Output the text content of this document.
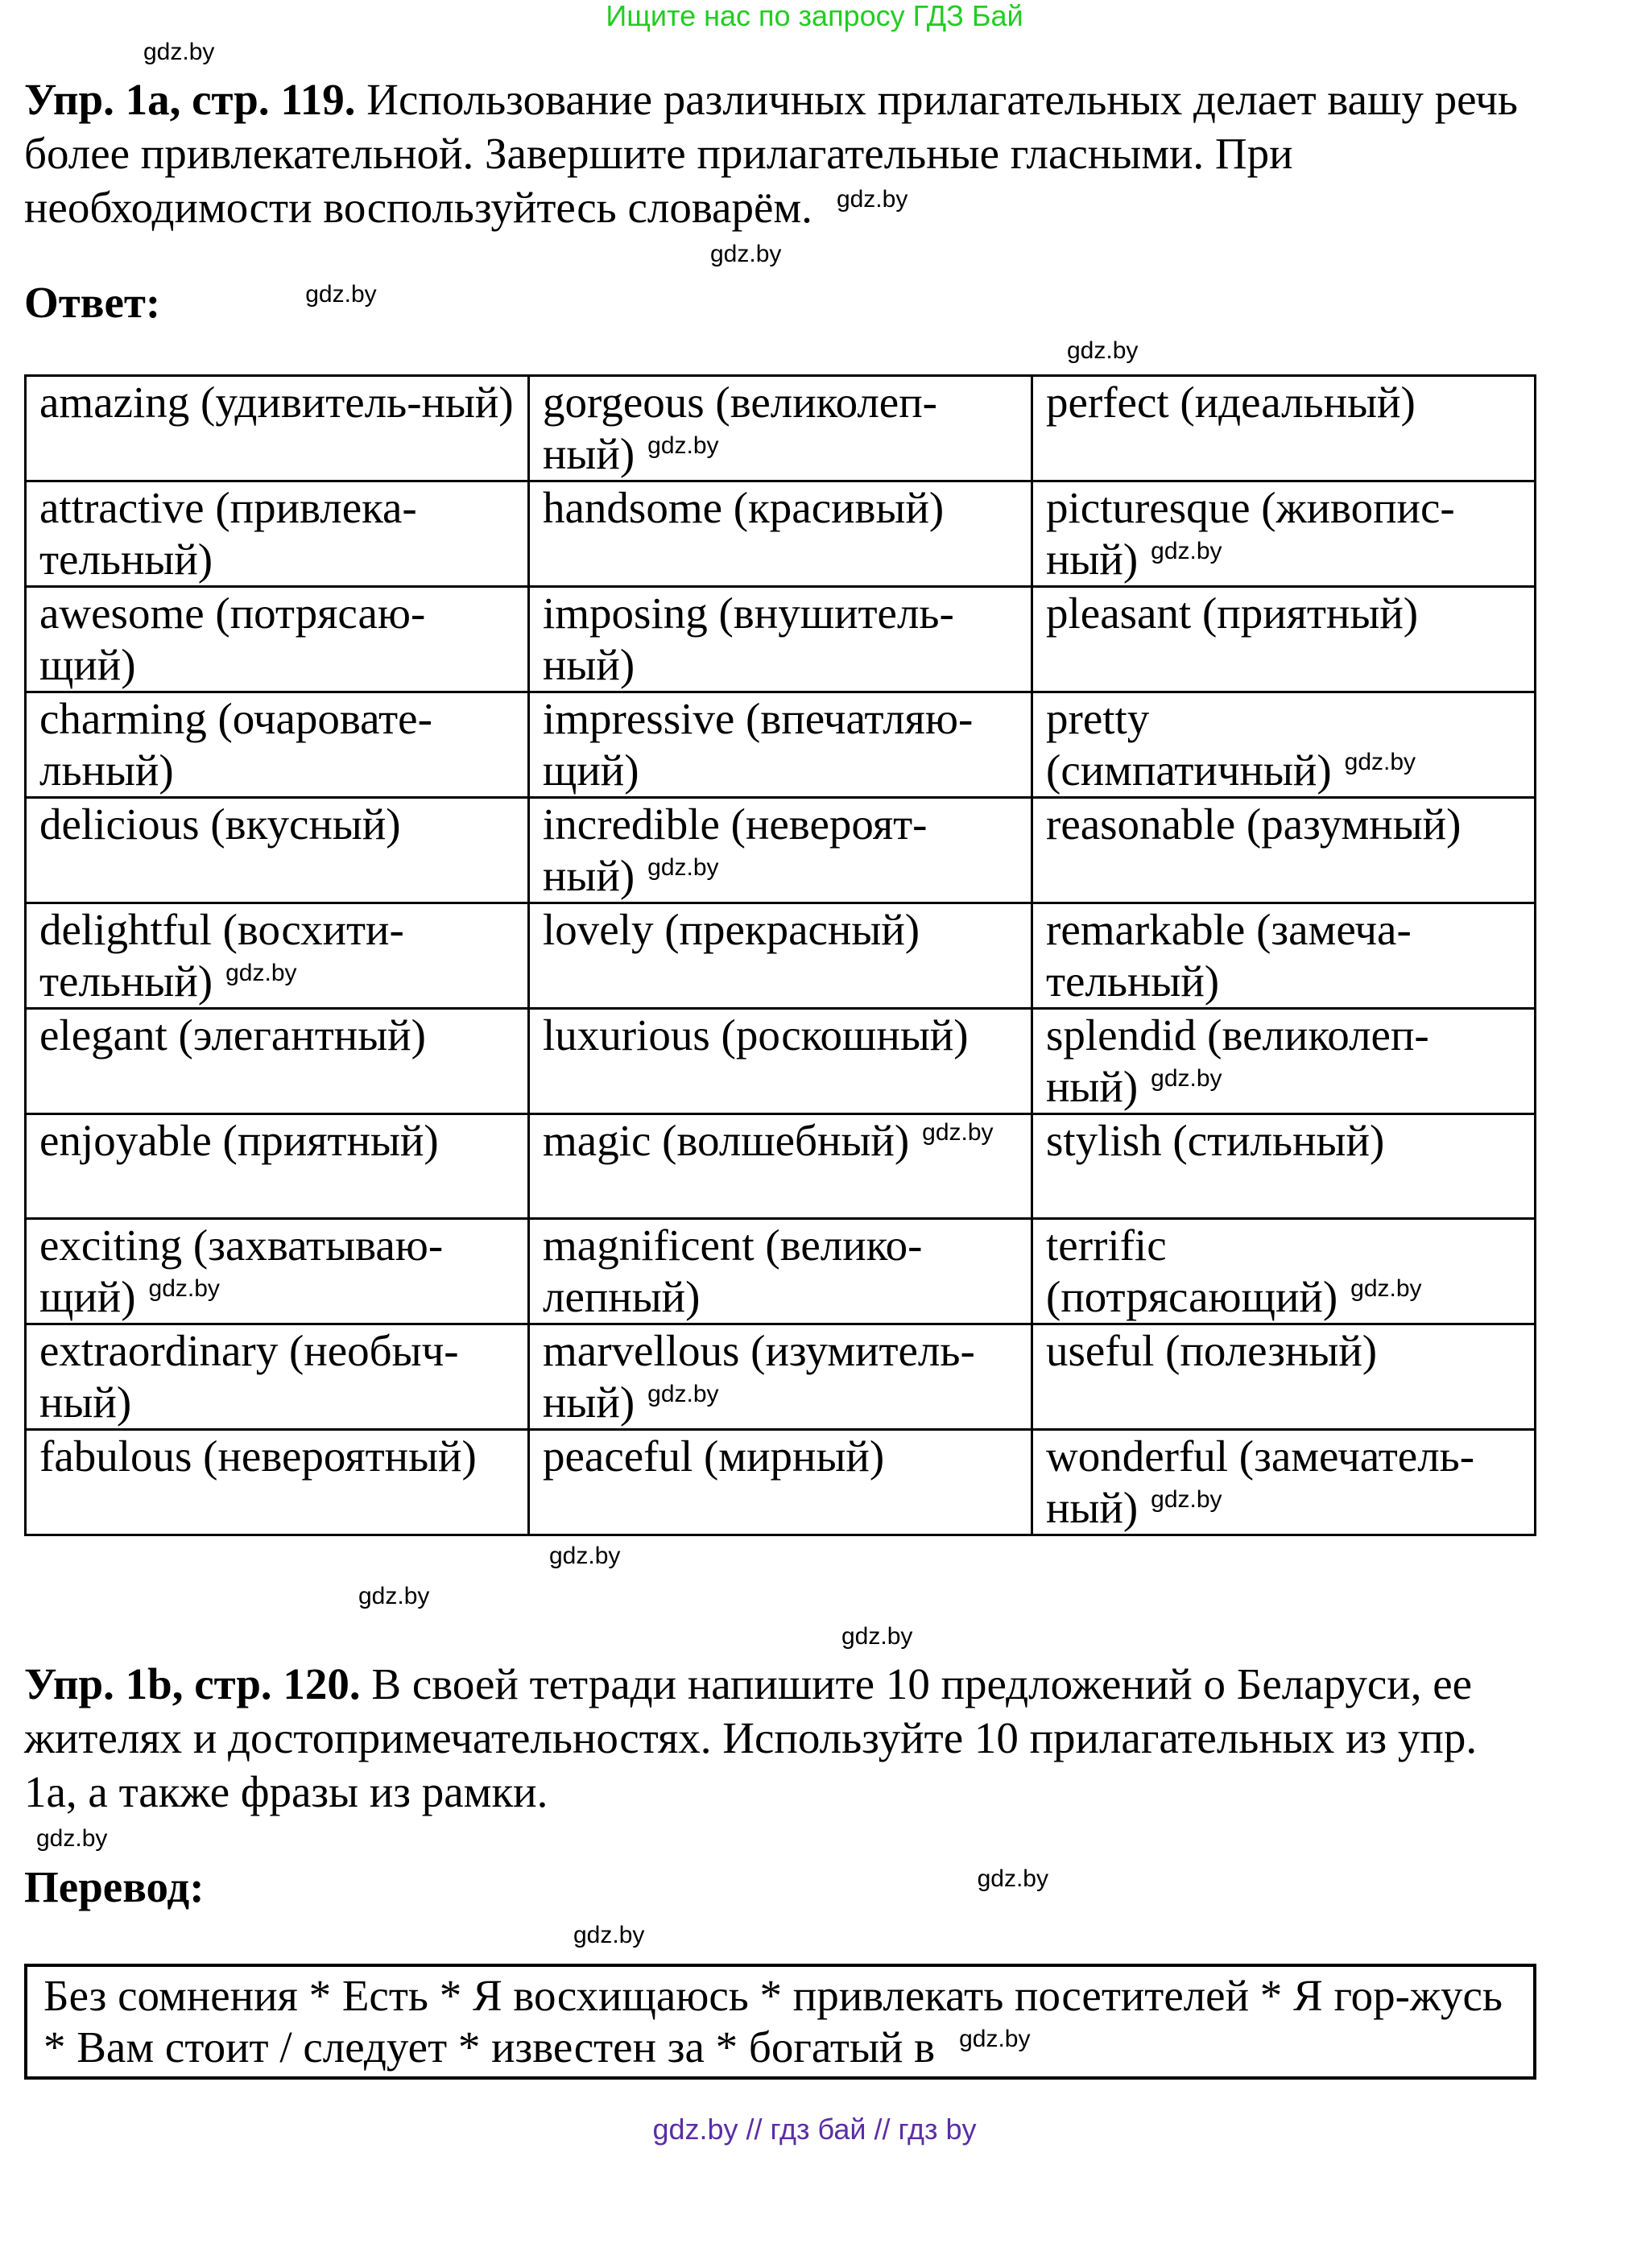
Ищите нас по запросу ГДЗ Бай
gdz.by
Упр. 1a, стр. 119. Использование различных прилагательных делает вашу речь более привлекательной. Завершите прилагательные гласными. При необходимости воспользуйтесь словарём. $^{gdz.by}$
gdz.by
Ответ:	$^{gdz.by}$
gdz.by
amazing (удивитель-ный)	gorgeous (великолеп-ный) $^{gdz.by}$	perfect (идеальный)
attractive (привлека-тельный)	handsome (красивый)	picturesque (живопис-ный) $^{gdz.by}$
awesome (потрясаю-щий)	imposing (внушитель-ный)	pleasant (приятный)
charming (очаровате-льный)	impressive (впечатляю-щий)	pretty (симпатичный) $^{gdz.by}$
delicious (вкусный)	incredible (невероят-ный) $^{gdz.by}$	reasonable (разумный)
delightful (восхити-тельный) $^{gdz.by}$	lovely (прекрасный)	remarkable (замеча-тельный)
elegant (элегантный)	luxurious (роскошный)	splendid (великолеп-ный) $^{gdz.by}$
enjoyable (приятный)	magic (волшебный) $^{gdz.by}$	stylish (стильный)
exciting (захватываю-щий) $^{gdz.by}$	magnificent (велико-лепный)	terrific (потрясающий) $^{gdz.by}$
extraordinary (необыч-ный)	marvellous (изумитель-ный) $^{gdz.by}$	useful (полезный)
fabulous (невероятный)	peaceful (мирный)	wonderful (замечатель-ный) $^{gdz.by}$
gdz.by
gdz.by
gdz.by
Упр. 1b, стр. 120. В своей тетради напишите 10 предложений о Беларуси, ее жителях и достопримечательностях. Используйте 10 прилагательных из упр. 1a, а также фразы из рамки.
gdz.by
Перевод:	$^{gdz.by}$
gdz.by
Без сомнения * Есть * Я восхищаюсь * привлекать посетителей * Я гор-жусь * Вам стоит / следует * известен за * богатый в $^{gdz.by}$
gdz.by // гдз бай // гдз by
